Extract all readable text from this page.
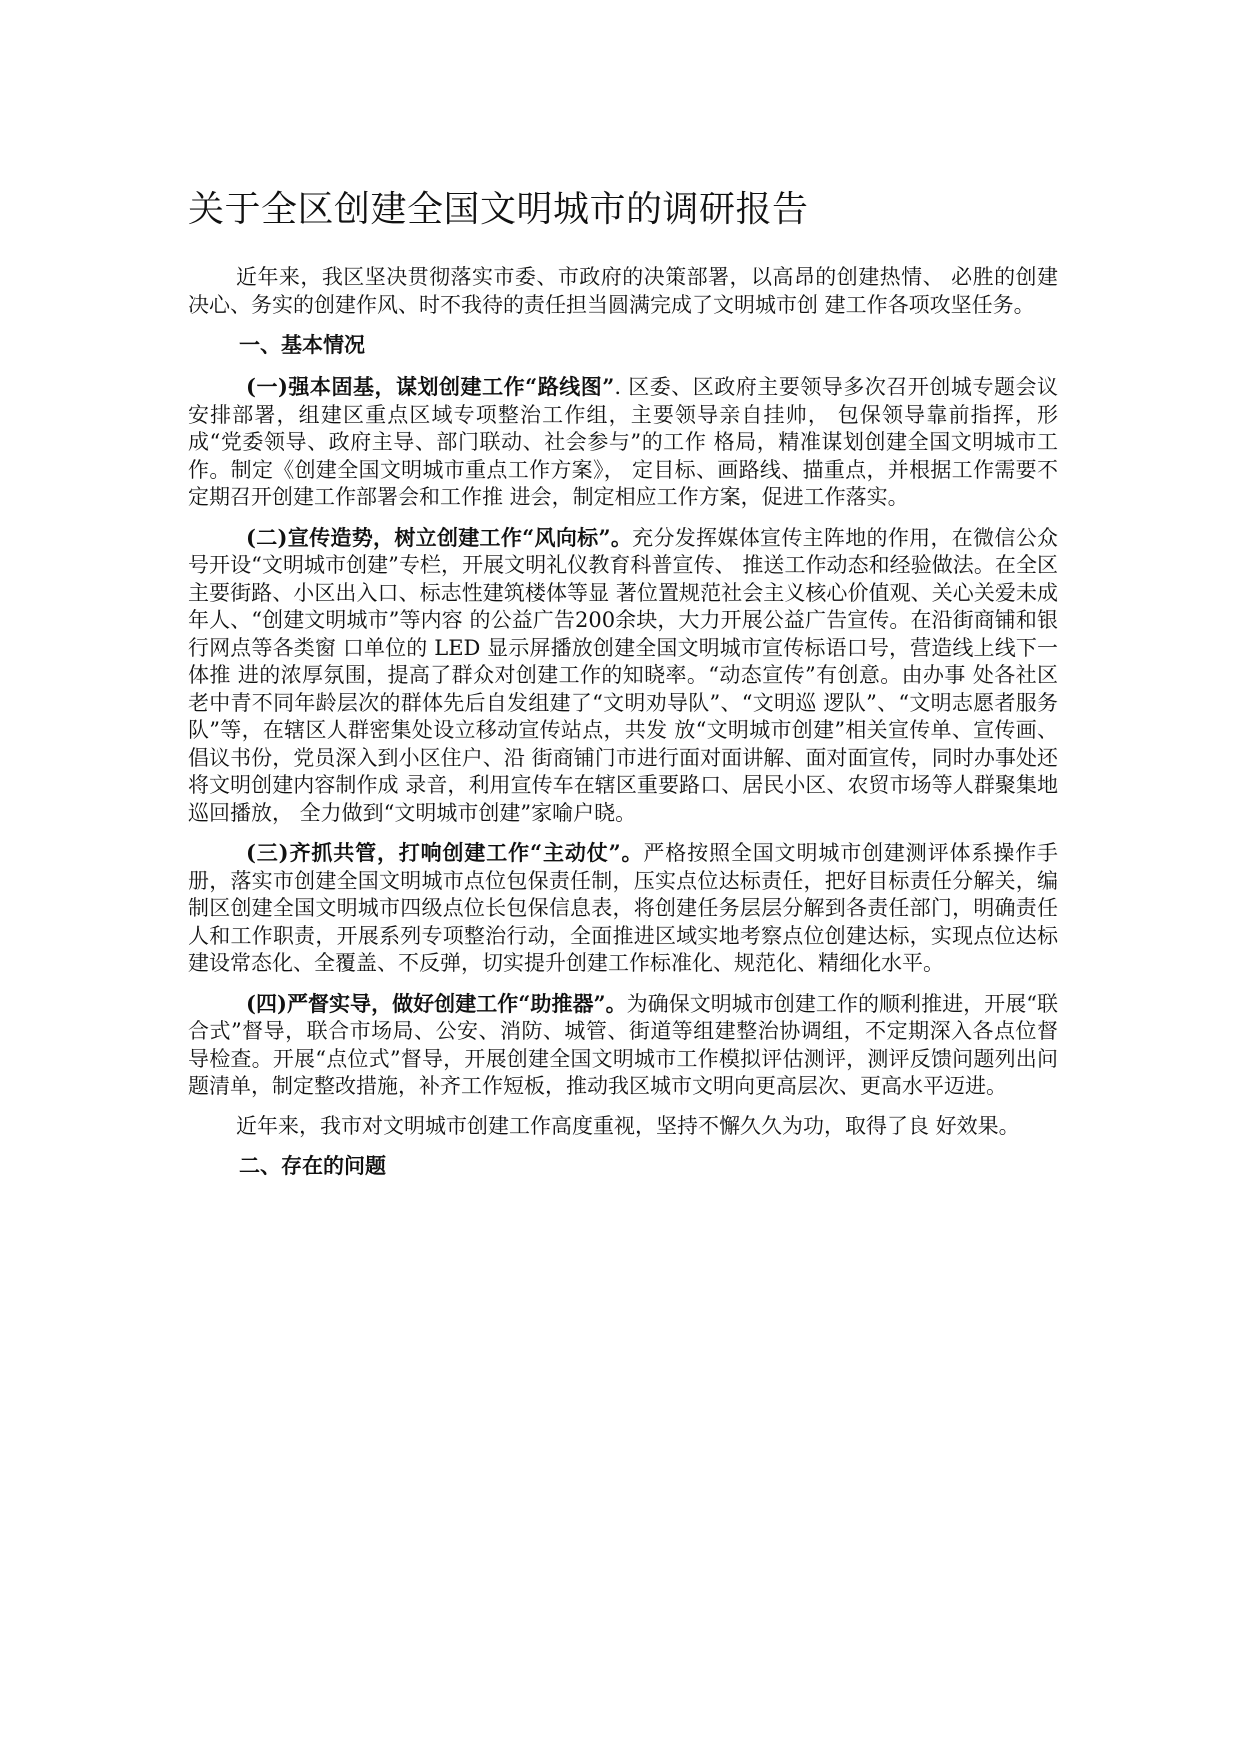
关于全区创建全国文明城市的调研报告

近年来，我区坚决贯彻落实市委、市政府的决策部署，以高昂的创建热情、 必胜的创建决心、务实的创建作风、时不我待的责任担当圆满完成了文明城市创 建工作各项攻坚任务。

一、基本情况

(一)强本固基，谋划创建工作“路线图”. 区委、区政府主要领导多次召开创城专题会议安排部署，组建区重点区域专项整治工作组，主要领导亲自挂帅， 包保领导靠前指挥，形成“党委领导、政府主导、部门联动、社会参与”的工作 格局，精准谋划创建全国文明城市工作。制定《创建全国文明城市重点工作方案》， 定目标、画路线、描重点，并根据工作需要不定期召开创建工作部署会和工作推 进会，制定相应工作方案，促进工作落实。

(二)宣传造势，树立创建工作“风向标”。充分发挥媒体宣传主阵地的作用，在微信公众号开设“文明城市创建”专栏，开展文明礼仪教育科普宣传、 推送工作动态和经验做法。在全区主要街路、小区出入口、标志性建筑楼体等显 著位置规范社会主义核心价值观、关心关爱未成年人、“创建文明城市”等内容 的公益广告200余块，大力开展公益广告宣传。在沿街商铺和银行网点等各类窗 口单位的 LED 显示屏播放创建全国文明城市宣传标语口号，营造线上线下一体推 进的浓厚氛围，提高了群众对创建工作的知晓率。“动态宣传”有创意。由办事 处各社区老中青不同年龄层次的群体先后自发组建了“文明劝导队”、“文明巡 逻队”、“文明志愿者服务队”等，在辖区人群密集处设立移动宣传站点，共发 放“文明城市创建”相关宣传单、宣传画、倡议书份，党员深入到小区住户、沿 街商铺门市进行面对面讲解、面对面宣传，同时办事处还将文明创建内容制作成 录音，利用宣传车在辖区重要路口、居民小区、农贸市场等人群聚集地巡回播放， 全力做到“文明城市创建”家喻户晓。

(三)齐抓共管，打响创建工作“主动仗”。严格按照全国文明城市创建测评体系操作手册，落实市创建全国文明城市点位包保责任制，压实点位达标责任，把好目标责任分解关，编制区创建全国文明城市四级点位长包保信息表，将创建任务层层分解到各责任部门，明确责任人和工作职责，开展系列专项整治行动，全面推进区域实地考察点位创建达标，实现点位达标建设常态化、全覆盖、不反弹，切实提升创建工作标准化、规范化、精细化水平。

(四)严督实导，做好创建工作“助推器”。为确保文明城市创建工作的顺利推进，开展“联合式”督导，联合市场局、公安、消防、城管、街道等组建整治协调组，不定期深入各点位督导检查。开展“点位式”督导，开展创建全国文明城市工作模拟评估测评，测评反馈问题列出问题清单，制定整改措施，补齐工作短板，推动我区城市文明向更高层次、更高水平迈进。

近年来，我市对文明城市创建工作高度重视，坚持不懈久久为功，取得了良 好效果。

二、存在的问题
